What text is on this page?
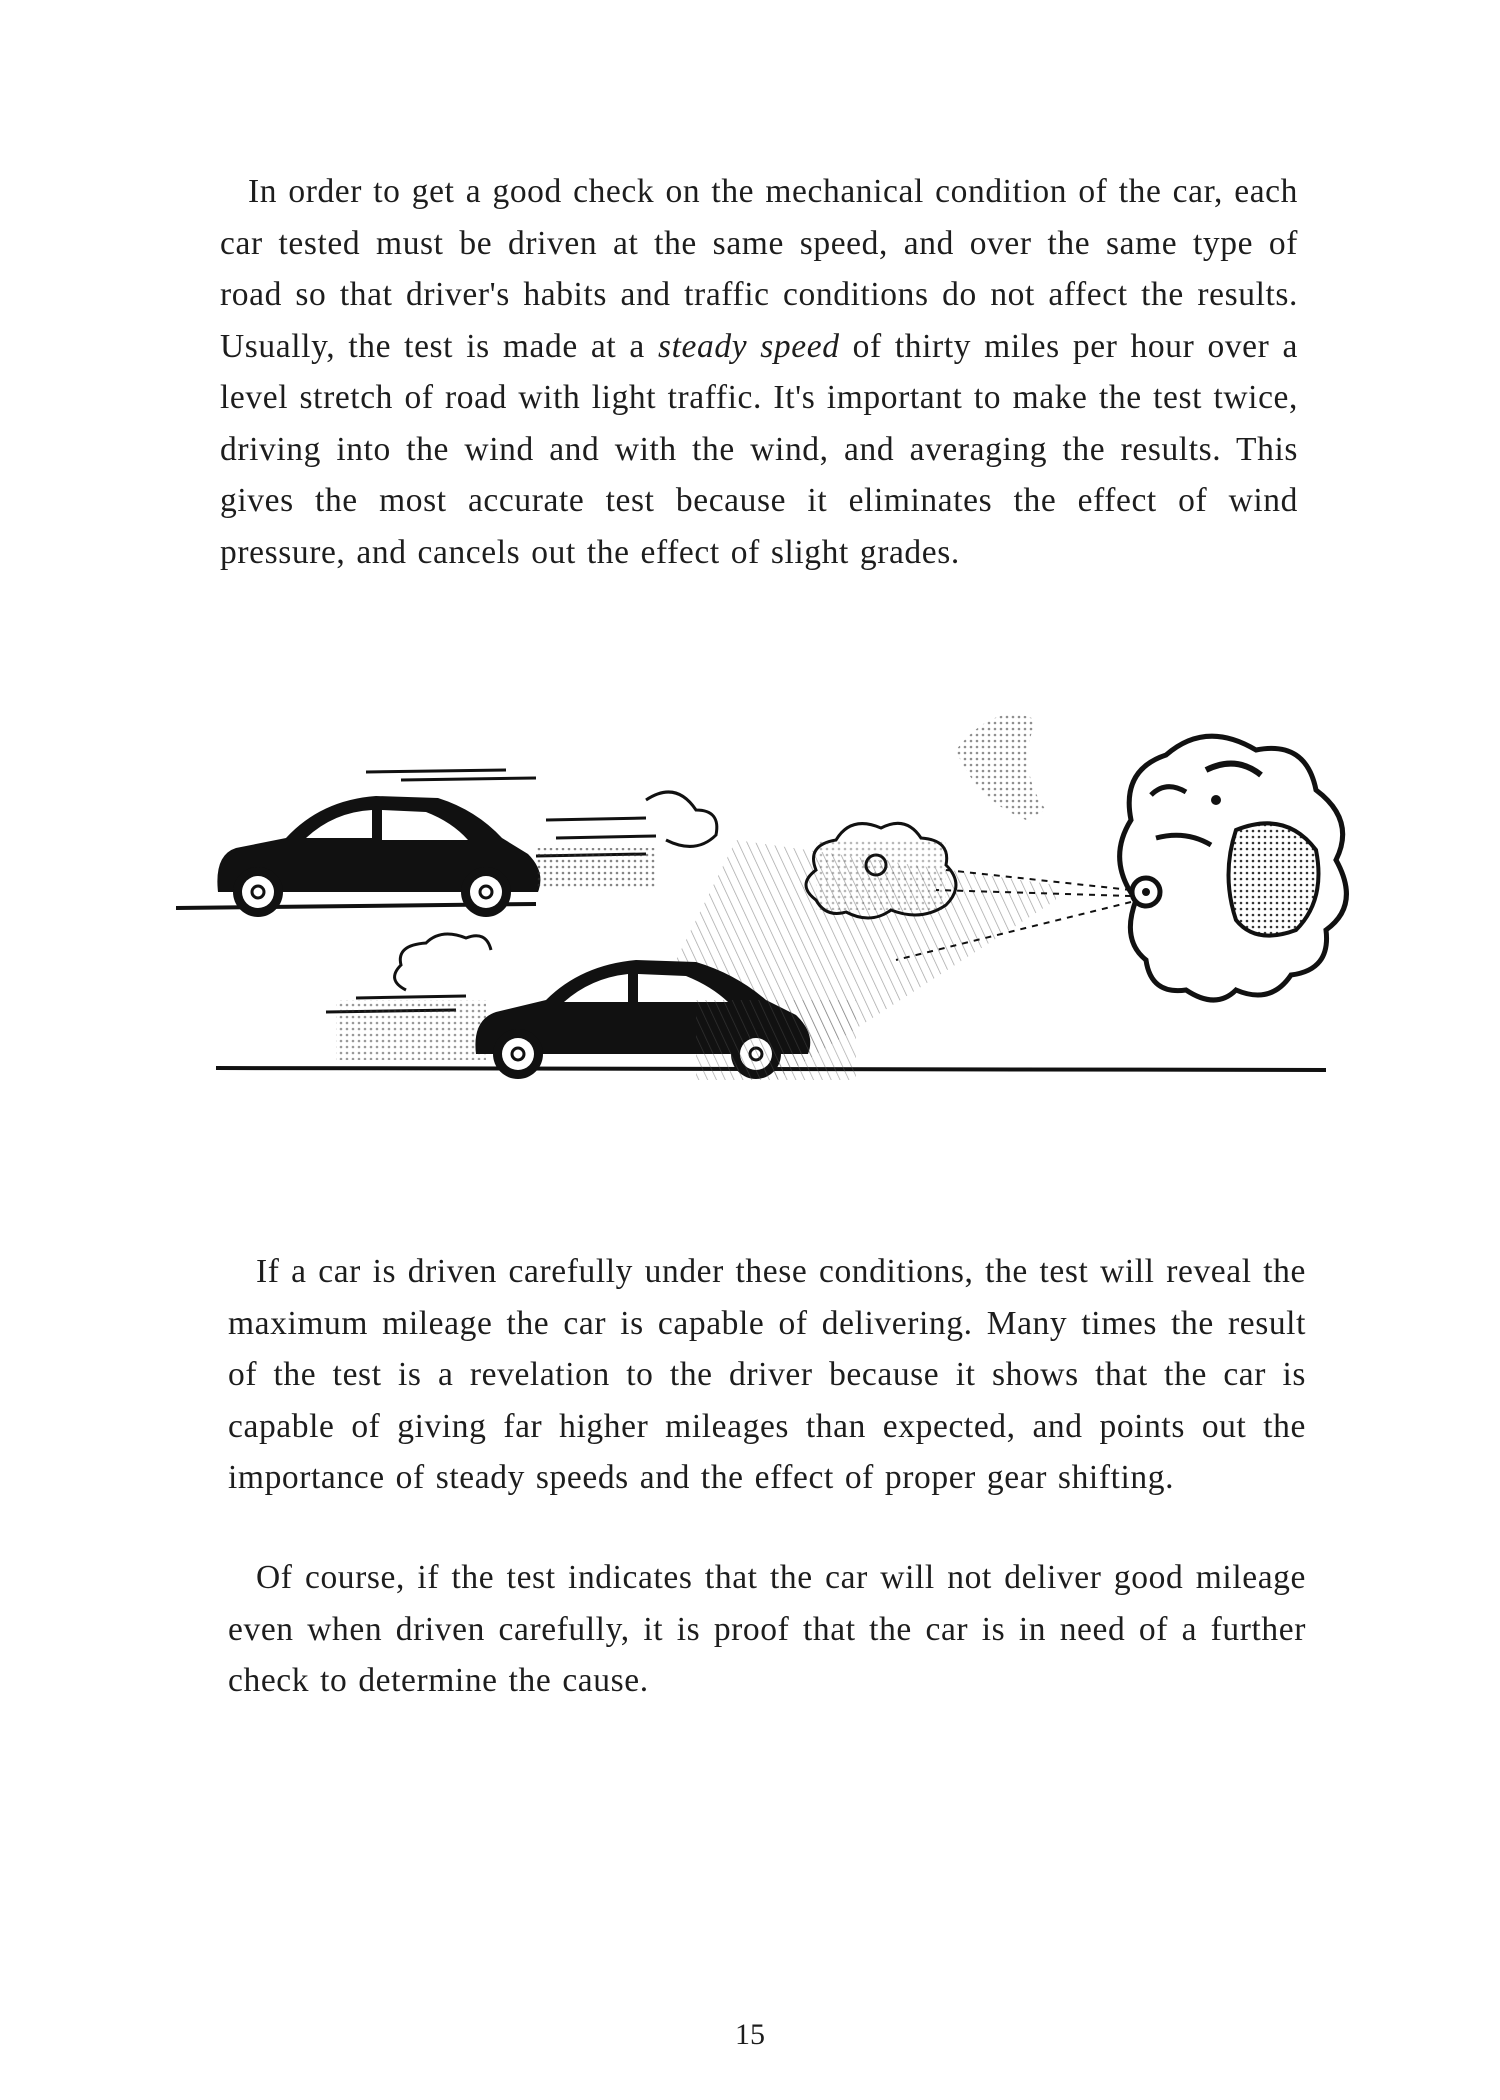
In order to get a good check on the mechanical condition of the car, each car tested must be driven at the same speed, and over the same type of road so that driver's habits and traffic conditions do not affect the results. Usually, the test is made at a steady speed of thirty miles per hour over a level stretch of road with light traffic. It's important to make the test twice, driving into the wind and with the wind, and averaging the results. This gives the most accurate test because it eliminates the effect of wind pressure, and cancels out the effect of slight grades.

If a car is driven carefully under these conditions, the test will reveal the maximum mileage the car is capable of delivering. Many times the result of the test is a revelation to the driver because it shows that the car is capable of giving far higher mileages than expected, and points out the importance of steady speeds and the effect of proper gear shifting.

Of course, if the test indicates that the car will not deliver good mileage even when driven carefully, it is proof that the car is in need of a further check to determine the cause.

15
